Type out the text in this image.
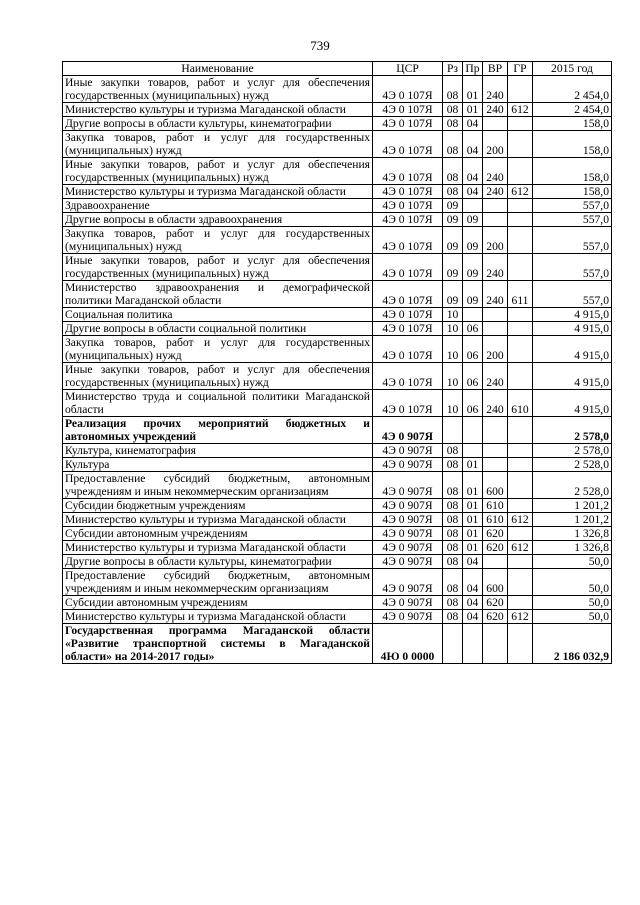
739
Наименование	ЦСР	Рз	Пр	ВР	ГР	2015 год
Иные закупки товаров, работ и услуг для обеспечения государственных (муниципальных) нужд	4Э 0 107Я	08	01	240		2 454,0
Министерство культуры и туризма Магаданской области	4Э 0 107Я	08	01	240	612	2 454,0
Другие вопросы в области культуры, кинематографии	4Э 0 107Я	08	04			158,0
Закупка товаров, работ и услуг для государственных (муниципальных) нужд	4Э 0 107Я	08	04	200		158,0
Иные закупки товаров, работ и услуг для обеспечения государственных (муниципальных) нужд	4Э 0 107Я	08	04	240		158,0
Министерство культуры и туризма Магаданской области	4Э 0 107Я	08	04	240	612	158,0
Здравоохранение	4Э 0 107Я	09				557,0
Другие вопросы в области здравоохранения	4Э 0 107Я	09	09			557,0
Закупка товаров, работ и услуг для государственных (муниципальных) нужд	4Э 0 107Я	09	09	200		557,0
Иные закупки товаров, работ и услуг для обеспечения государственных (муниципальных) нужд	4Э 0 107Я	09	09	240		557,0
Министерство здравоохранения и демографической политики Магаданской области	4Э 0 107Я	09	09	240	611	557,0
Социальная политика	4Э 0 107Я	10				4 915,0
Другие вопросы в области социальной политики	4Э 0 107Я	10	06			4 915,0
Закупка товаров, работ и услуг для государственных (муниципальных) нужд	4Э 0 107Я	10	06	200		4 915,0
Иные закупки товаров, работ и услуг для обеспечения государственных (муниципальных) нужд	4Э 0 107Я	10	06	240		4 915,0
Министерство труда и социальной политики Магаданской области	4Э 0 107Я	10	06	240	610	4 915,0
Реализация прочих мероприятий бюджетных и автономных учреждений	4Э 0 907Я					2 578,0
Культура, кинематография	4Э 0 907Я	08				2 578,0
Культура	4Э 0 907Я	08	01			2 528,0
Предоставление субсидий бюджетным, автономным учреждениям и иным некоммерческим организациям	4Э 0 907Я	08	01	600		2 528,0
Субсидии бюджетным учреждениям	4Э 0 907Я	08	01	610		1 201,2
Министерство культуры и туризма Магаданской области	4Э 0 907Я	08	01	610	612	1 201,2
Субсидии автономным учреждениям	4Э 0 907Я	08	01	620		1 326,8
Министерство культуры и туризма Магаданской области	4Э 0 907Я	08	01	620	612	1 326,8
Другие вопросы в области культуры, кинематографии	4Э 0 907Я	08	04			50,0
Предоставление субсидий бюджетным, автономным учреждениям и иным некоммерческим организациям	4Э 0 907Я	08	04	600		50,0
Субсидии автономным учреждениям	4Э 0 907Я	08	04	620		50,0
Министерство культуры и туризма Магаданской области	4Э 0 907Я	08	04	620	612	50,0
Государственная программа Магаданской области «Развитие транспортной системы в Магаданской области» на 2014-2017 годы»	4Ю 0 0000					2 186 032,9
